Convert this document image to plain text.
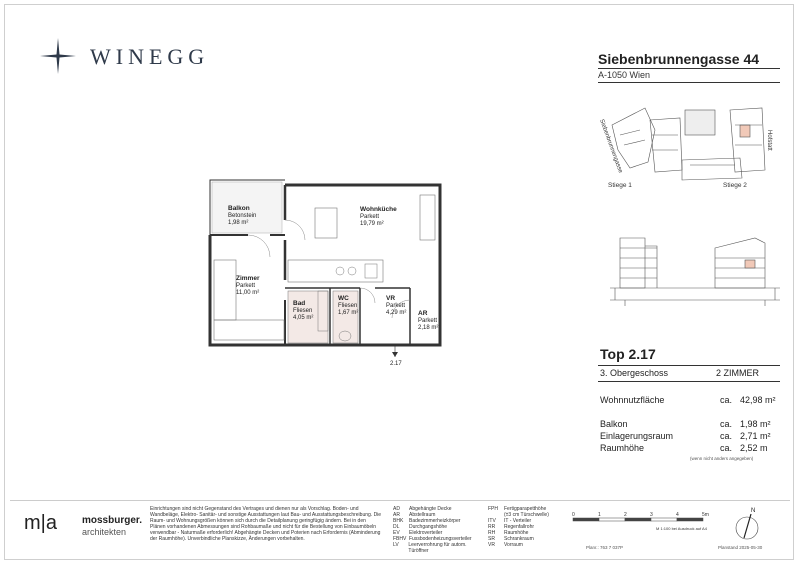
WINEGG	Siebenbrunnengasse 44
A-1050 Wien
Siebenbrunnengasse	Hofstatt
Stiege 1	Stiege 2
Top 2.17
3. Obergeschoss	2 ZIMMER
Wohnnutzfläche	ca. 42,98 m²
Balkon	ca. 1,98 m²
Einlagerungsraum	ca. 2,71 m²
Raumhöhe	ca. 2,52 m
(wenn nicht anders angegeben)
2.17
Wohnküche
Parkett
19,79 m²
Balkon
Betonstein
1,98 m²
Zimmer
Parkett
11,00 m²
Bad
Fliesen
4,05 m²
WC
Fliesen
1,67 m²
VR
Parkett
4,29 m² AR
Parkett
2,18 m²
m|a	mossburger.
architekten
Einrichtungen sind nicht Gegenstand des Vertrages und dienen nur als Vorschlag. Boden- und Wandbeläge, Elektro- Sanitär- und sonstige Ausstattungen laut Bau- und Ausstattungsbeschreibung. Die Raum- und Wohnungsgrößen können sich durch die Detailplanung geringfügig ändern. Bei in den Plänen vorhandenen Abmessungen sind Rohbaumaße und nicht für die Bestellung von Einbaumöbeln verwendbar - Naturmaße erforderlich! Abgehängte Decken und Poterien nach Erfordernis (Abminderung der Raumhöhe). Unverbindliche Planskizze, Änderungen vorbehalten.
AD	Abgehängte Decke
AR	Abstellraum
BHK	Badezimmerheizkörper
DL	Durchgangshöhe
EV	Elektroverteiler
FBHV Fussbodenheizungsverteiler
LV	Leerverrohrung für autom. Türöffner
FPH	Fertigparapetthöhe
(±3 cm Türschwelle)
ITV	IT - Verteiler
RR	Regenfallrohr
RH	Raumhöhe
SR	Schrankraum
VR	Vorraum
0	1	2	3	4	5m
M 1:100 bei Ausdruck auf A4
Planr.: 763 7 037P	Planstand 2025-05-30
N
